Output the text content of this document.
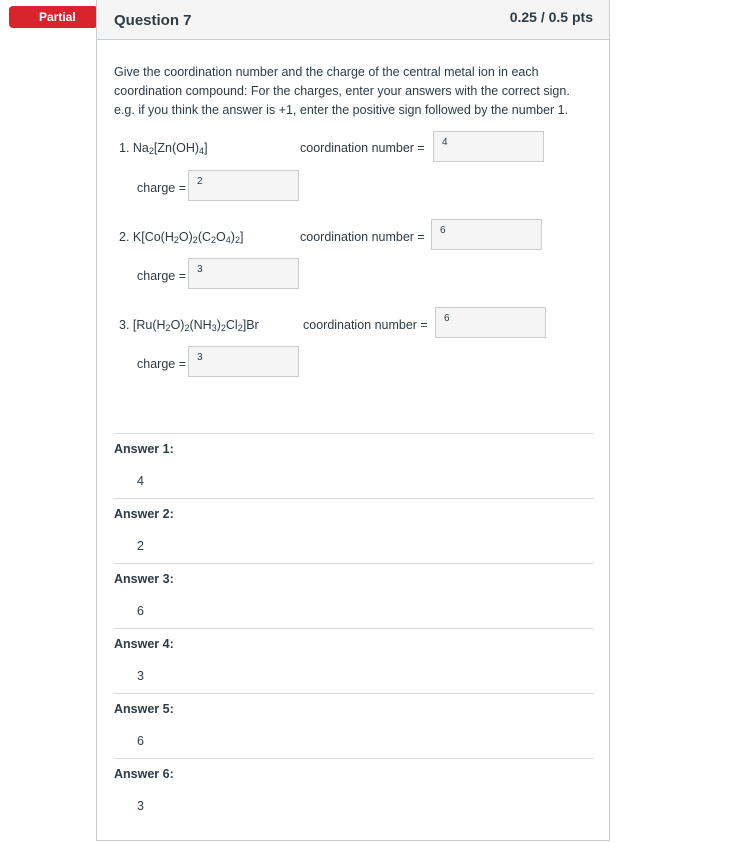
Partial	Question 7	0.25 / 0.5 pts
Give the coordination number and the charge of the central metal ion in each coordination compound: For the charges, enter your answers with the correct sign. e.g. if you think the answer is +1, enter the positive sign followed by the number 1.
1. $Na_2[Zn(OH)_4]$	coordination number =	4
charge =	2
2. $K[Co(H_2O)_2(C_2O_4)_2]$	coordination number =	6
charge =	3
3. $[Ru(H_2O)_2(NH_3)_2Cl_2]Br$	coordination number =	6
charge =	3
Answer 1:
4
Answer 2:
2
Answer 3:
6
Answer 4:
3
Answer 5:
6
Answer 6:
3
